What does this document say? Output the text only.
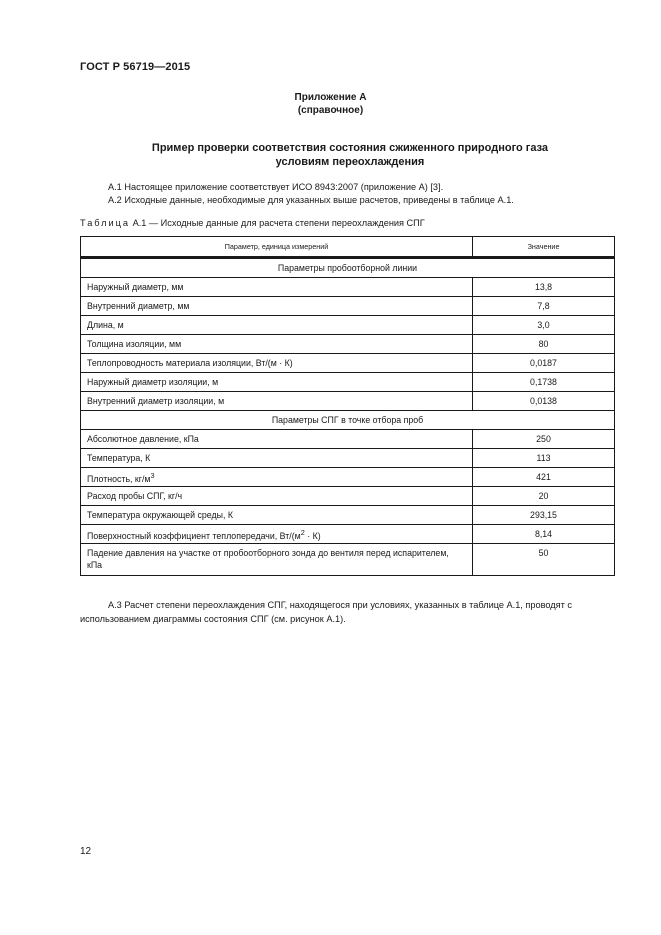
ГОСТ Р 56719—2015
Приложение А
(справочное)
Пример проверки соответствия состояния сжиженного природного газа
условиям переохлаждения
А.1 Настоящее приложение соответствует ИСО 8943:2007 (приложение А) [3].
А.2 Исходные данные, необходимые для указанных выше расчетов, приведены в таблице А.1.
Таблица А.1 — Исходные данные для расчета степени переохлаждения СПГ
Параметр, единица измерений	Значение
Параметры пробоотборной линии	
Наружный диаметр, мм	13,8
Внутренний диаметр, мм	7,8
Длина, м	3,0
Толщина изоляции, мм	80
Теплопроводность материала изоляции, Вт/(м · К)	0,0187
Наружный диаметр изоляции, м	0,1738
Внутренний диаметр изоляции, м	0,0138
Параметры СПГ в точке отбора проб	
Абсолютное давление, кПа	250
Температура, К	113
Плотность, $кг/м^3$	421
Расход пробы СПГ, кг/ч	20
Температура окружающей среды, К	293,15
Поверхностный коэффициент теплопередачи, $Вт/(м^2 \cdot К)$	8,14
Падение давления на участке от пробоотборного зонда до вентиля перед испарителем, кПа	50
А.3 Расчет степени переохлаждения СПГ, находящегося при условиях, указанных в таблице А.1, проводят с использованием диаграммы состояния СПГ (см. рисунок А.1).
12
